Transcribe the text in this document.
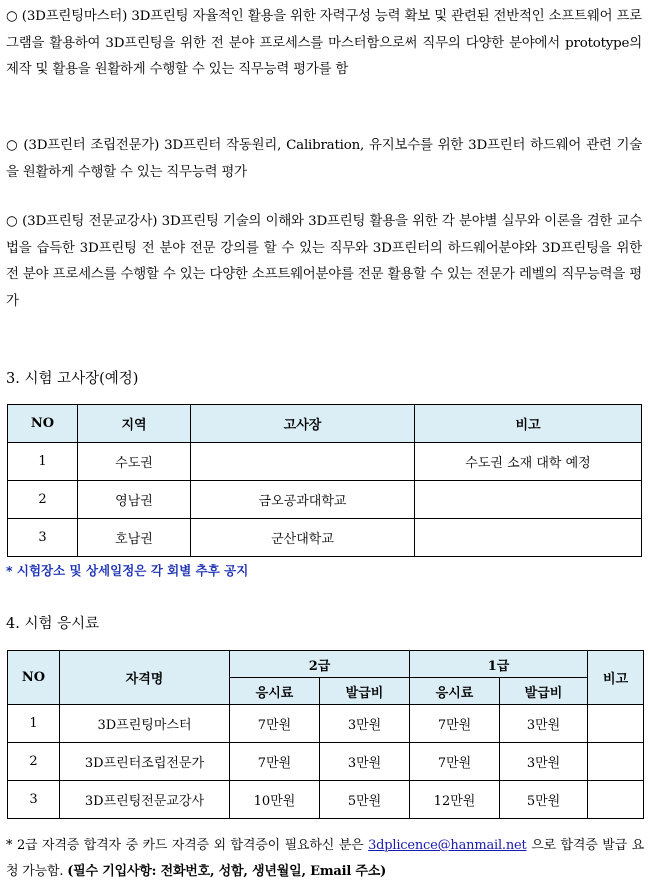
○ (3D프린팅마스터) 3D프린팅 자율적인 활용을 위한 자력구성 능력 확보 및 관련된 전반적인 소프트웨어 프로그램을 활용하여 3D프린팅을 위한 전 분야 프로세스를 마스터함으로써 직무의 다양한 분야에서 prototype의 제작 및 활용을 원활하게 수행할 수 있는 직무능력 평가를 함
○ (3D프린터 조립전문가) 3D프린터 작동원리, Calibration, 유지보수를 위한 3D프린터 하드웨어 관련 기술을 원활하게 수행할 수 있는 직무능력 평가
○ (3D프린팅 전문교강사) 3D프린팅 기술의 이해와 3D프린팅 활용을 위한 각 분야별 실무와 이론을 겸한 교수법을 습득한 3D프린팅 전 분야 전문 강의를 할 수 있는 직무와 3D프린터의 하드웨어분야와 3D프린팅을 위한 전 분야 프로세스를 수행할 수 있는 다양한 소프트웨어분야를 전문 활용할 수 있는 전문가 레벨의 직무능력을 평가
3. 시험 고사장(예정)
NO	지역	고사장	비고
1	수도권		수도권 소재 대학 예정
2	영남권	금오공과대학교	
3	호남권	군산대학교	
* 시험장소 및 상세일정은 각 회별 추후 공지
4. 시험 응시료
NO	자격명	2급		1급		비고
		응시료	발급비	응시료	발급비	
1	3D프린팅마스터	7만원	3만원	7만원	3만원	
2	3D프린터조립전문가	7만원	3만원	7만원	3만원	
3	3D프린팅전문교강사	10만원	5만원	12만원	5만원	
* 2급 자격증 합격자 중 카드 자격증 외 합격증이 필요하신 분은 3dplicence@hanmail.net 으로 합격증 발급 요청 가능함. (필수 기입사항: 전화번호, 성함, 생년월일, Email 주소)
